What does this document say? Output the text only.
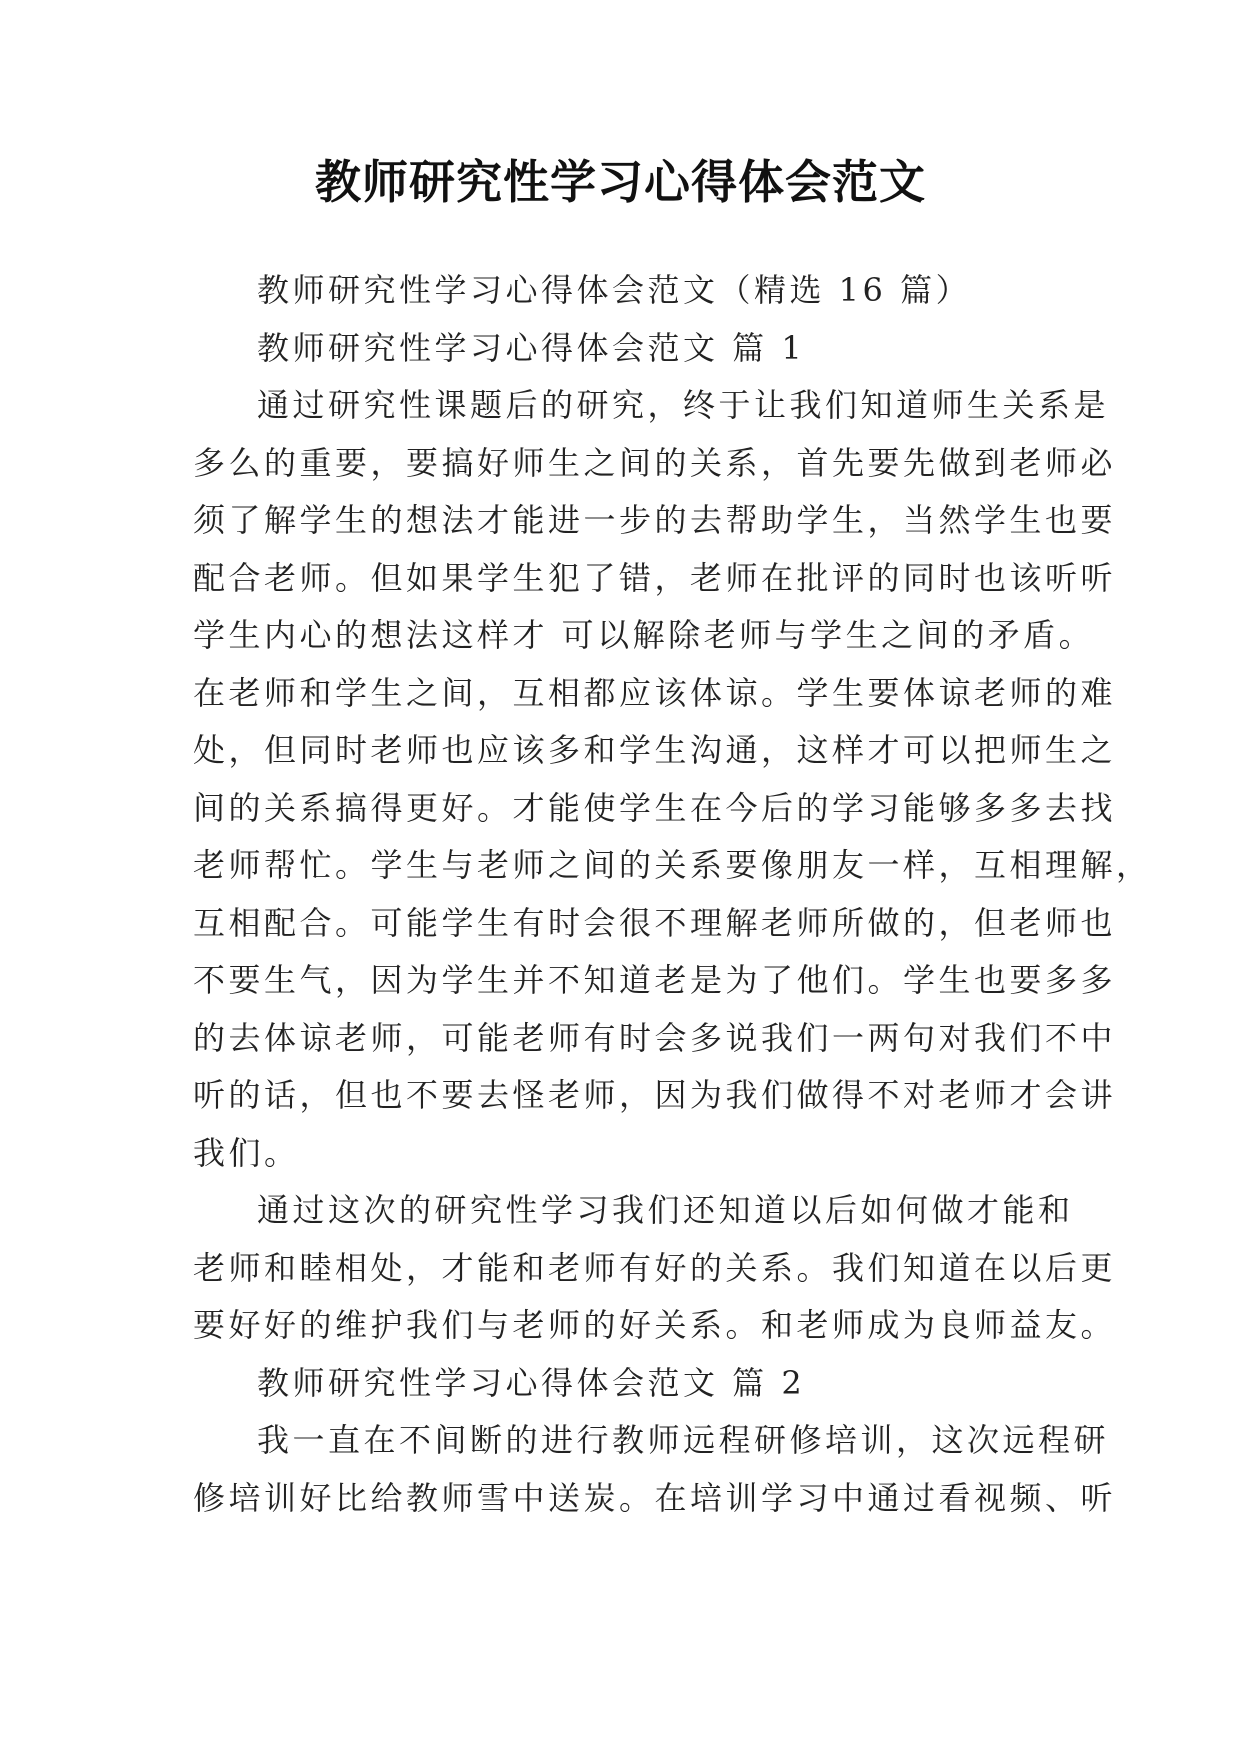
教师研究性学习心得体会范文
教师研究性学习心得体会范文（精选 16 篇）
教师研究性学习心得体会范文 篇 1
通过研究性课题后的研究，终于让我们知道师生关系是
多么的重要，要搞好师生之间的关系，首先要先做到老师必
须了解学生的想法才能进一步的去帮助学生，当然学生也要
配合老师。但如果学生犯了错，老师在批评的同时也该听听
学生内心的想法这样才 可以解除老师与学生之间的矛盾。
在老师和学生之间，互相都应该体谅。学生要体谅老师的难
处，但同时老师也应该多和学生沟通，这样才可以把师生之
间的关系搞得更好。才能使学生在今后的学习能够多多去找
老师帮忙。学生与老师之间的关系要像朋友一样，互相理解，
互相配合。可能学生有时会很不理解老师所做的，但老师也
不要生气，因为学生并不知道老是为了他们。学生也要多多
的去体谅老师，可能老师有时会多说我们一两句对我们不中
听的话，但也不要去怪老师，因为我们做得不对老师才会讲
我们。
通过这次的研究性学习我们还知道以后如何做才能和
老师和睦相处，才能和老师有好的关系。我们知道在以后更
要好好的维护我们与老师的好关系。和老师成为良师益友。
教师研究性学习心得体会范文 篇 2
我一直在不间断的进行教师远程研修培训，这次远程研
修培训好比给教师雪中送炭。在培训学习中通过看视频、听
